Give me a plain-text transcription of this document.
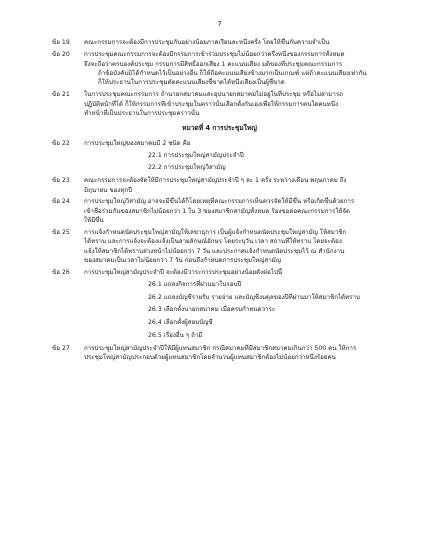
7
ข้อ 19	คณะกรรมการจะต้องมีการประชุมกันอย่างน้อยภาคเรียนละหนึ่งครั้ง โดยให้ขึ้นกับความจำเป็น
ข้อ 20	การประชุมคณะกรรมการจะต้องมีกรรมการเข้าร่วมประชุมไม่น้อยกว่าครึ่งหนึ่งของกรรมการทั้งหมด
จึงจะถือว่าครบองค์ประชุม กรรมการมีสิทธิ์ออกเสียง 1 คะแนนเสียง มติของที่ประชุมคณะกรรมการ
ถ้าข้อบังคับมิได้กำหนดไว้เป็นอย่างอื่น ก็ให้ถือคะแนนเสียงข้างมากเป็นเกณฑ์ แต่ถ้าคะแนนเสียงเท่ากัน
ก็ให้ประธานในการประชุมตัดคะแนนเสียงชี้ขาดได้หนึ่งเสียงเป็นผู้ชี้ขาด
ข้อ 21	ในการประชุมคณะกรรมการ ถ้านายกสมาคมและอุปนายกสมาคมไม่อยู่ในที่ประชุม หรือไม่สามารถ
ปฏิบัติหน้าที่ได้ ก็ให้กรรมการที่เข้าประชุมในคราวนั้นเลือกตั้งกันเองเพื่อให้กรรมการคนใดคนหนึ่ง
ทำหน้าที่เป็นประธานในการประชุมคราวนั้น
หมวดที่ 4 การประชุมใหญ่
ข้อ 22	การประชุมใหญ่ของสมาคมมี 2 ชนิด คือ
22.1 การประชุมใหญ่สามัญประจำปี
22.2 การประชุมใหญ่วิสามัญ
ข้อ 23	คณะกรรมการจะต้องจัดให้มีการประชุมใหญ่สามัญประจำปี ๆ ละ 1 ครั้ง ระหว่างเดือน พฤษภาคม ถึง
มิถุนายน ของทุกปี
ข้อ 24	การประชุมใหญ่วิสามัญ อาจจะมีขึ้นได้ก็โดยเหตุที่คณะกรรมการเห็นควรจัดให้มีขึ้น หรือเกิดขึ้นด้วยการ
เข้าชื่อร่วมกันของสมาชิกไม่น้อยกว่า 1 ใน 3 ของสมาชิกสามัญทั้งหมด ร้องขอต่อคณะกรรมการให้จัด
ให้มีขึ้น
ข้อ 25	การแจ้งกำหนดนัดประชุมใหญ่สามัญให้เลขาธุการ เป็นผู้แจ้งกำหนดนัดประชุมใหญ่สามัญ ให้สมาชิก
ได้ทราบ และการแจ้งจะต้องแจ้งเป็นลายลักษณ์อักษร โดยระบุวัน เวลา สถานที่ให้ทราบ โดยจะต้อง
แจ้งให้สมาชิกได้ทราบล่วงหน้าไม่น้อยกว่า 7 วัน และประกาศแจ้งกำหนดนัดประชุมไว้ ณ สำนักงาน
ของสมาคมเป็นเวลาไม่น้อยกว่า 7 วัน ก่อนถึงกำหนดการประชุมใหญ่สามัญ
ข้อ 26	การประชุมใหญ่สามัญประจำปี จะต้องมีวาระการประชุมอย่างน้อยดังต่อไปนี้
26.1 แถลงกิจการที่ผ่านมาในรอบปี
26.2 แถลงบัญชีรายรับ รายจ่าย และบัญชีงบดุลของปีที่ผ่านมาให้สมาชิกได้ทราบ
26.3 เลือกตั้งนายกสมาคม เมื่อครบกำหนดวาระ
26.4 เลือกตั้งผู้สอบบัญชี
26.5 เรื่องอื่น ๆ ถ้ามี
ข้อ 27	การประชุมใหญ่สามัญประจำปีให้มีผู้แทนสมาชิก กรณีสมาคมที่มีสมาชิกสมาคมเกินกว่า 500 คน ให้การ
ประชุมใหญ่สามัญประกอบด้วยผู้แทนสมาชิกโดยจำนวนผู้แทนสมาชิกต้องไม่น้อยกว่าหนึ่งร้อยคน
